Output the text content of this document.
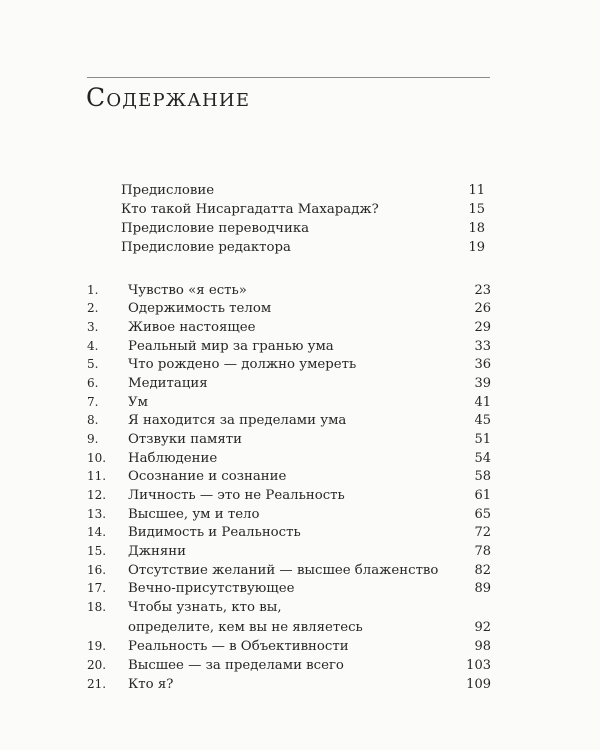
Содержание
Предисловие	11
Кто такой Нисаргадатта Махарадж?	15
Предисловие переводчика	18
Предисловие редактора	19
1. Чувство «я есть»	23
2. Одержимость телом	26
3. Живое настоящее	29
4. Реальный мир за гранью ума	33
5. Что рождено — должно умереть	36
6. Медитация	39
7. Ум	41
8. Я находится за пределами ума	45
9. Отзвуки памяти	51
10. Наблюдение	54
11. Осознание и сознание	58
12. Личность — это не Реальность	61
13. Высшее, ум и тело	65
14. Видимость и Реальность	72
15. Джняни	78
16. Отсутствие желаний — высшее блаженство	82
17. Вечно-присутствующее	89
18. Чтобы узнать, кто вы,
определите, кем вы не являетесь	92
19. Реальность — в Объективности	98
20. Высшее — за пределами всего	103
21. Кто я?	109
